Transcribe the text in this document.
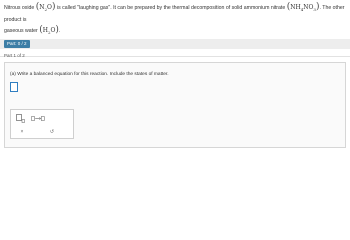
Nitrous oxide $(N_2O)$ is called "laughing gas". It can be prepared by the thermal decomposition of solid ammonium nitrate $(NH_4NO_3)$. The other product is
gaseous water $(H_2O)$.
Part: 0 / 2
Part 1 of 2
(a) Write a balanced equation for this reaction. Include the states of matter.
×	↺
